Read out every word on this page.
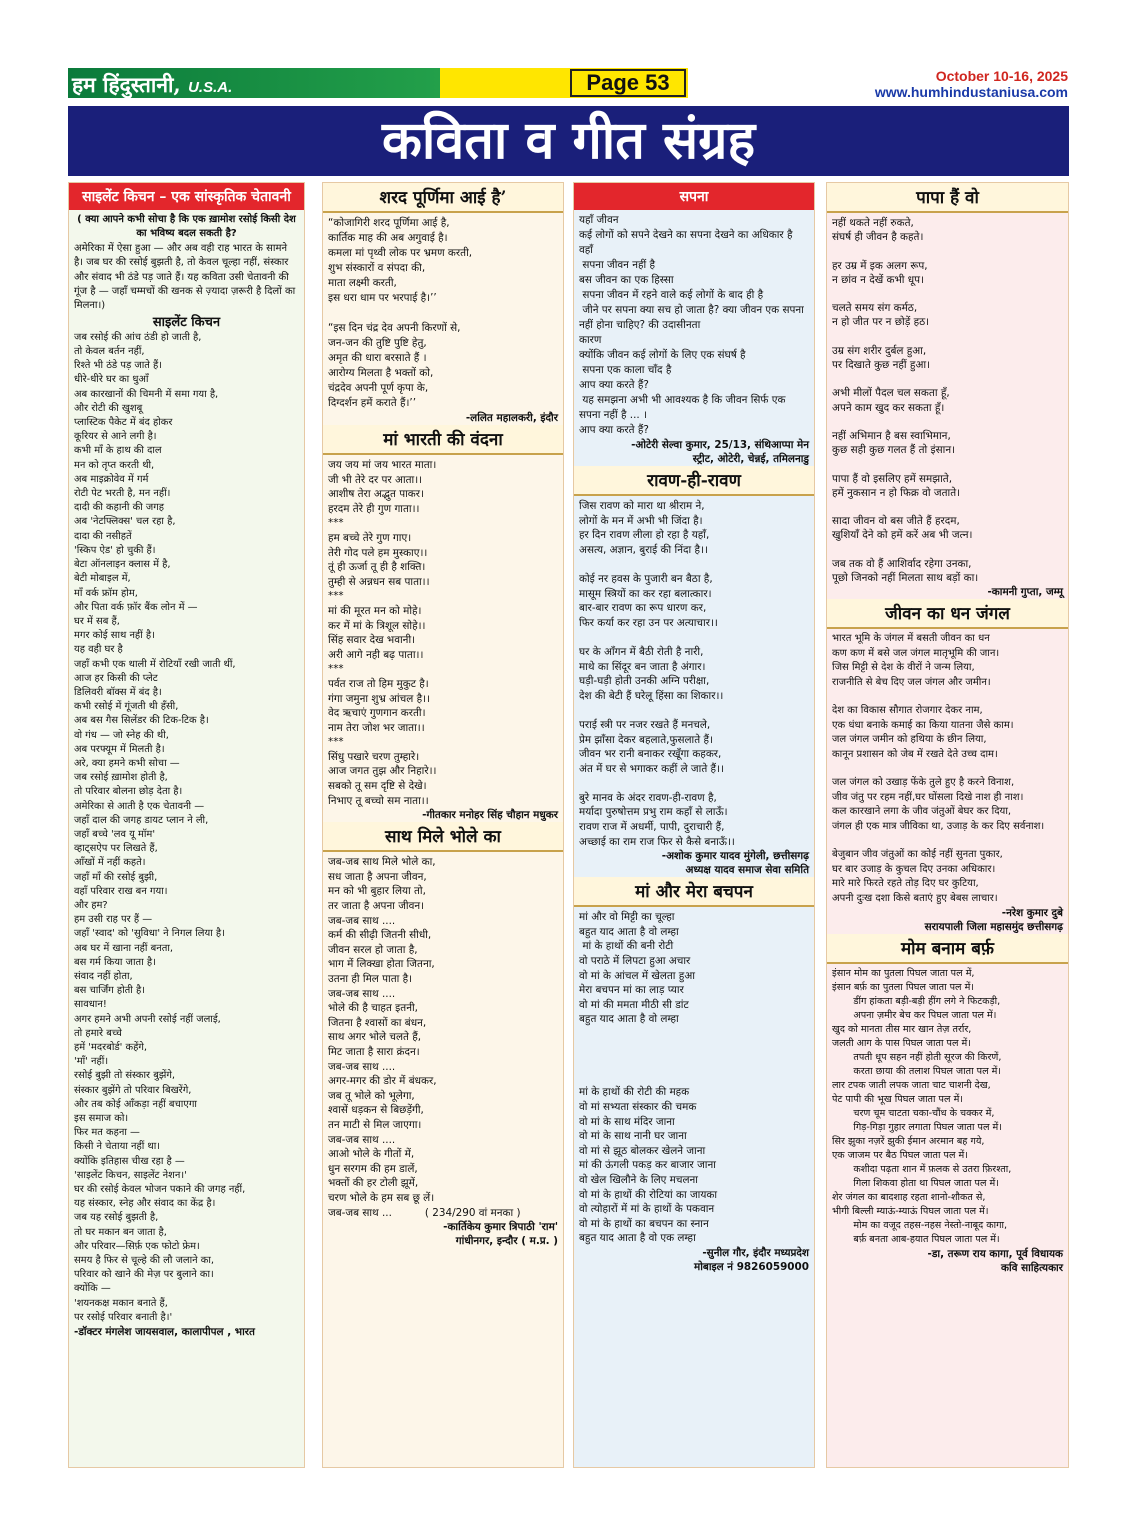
हम हिंदुस्तानी, U.S.A.	Page 53	October 10-16, 2025
www.humhindustaniusa.com
कविता व गीत संग्रह
साइलेंट किचन – एक सांस्कृतिक चेतावनी
( क्या आपने कभी सोचा है कि एक ख़ामोश रसोई किसी देश का भविष्य बदल सकती है?
अमेरिका में ऐसा हुआ — और अब वही राह भारत के सामने है। जब घर की रसोई बुझती है, तो केवल चूल्हा नहीं, संस्कार और संवाद भी ठंडे पड़ जाते हैं। यह कविता उसी चेतावनी की गूंज है — जहाँ चम्मचों की खनक से ज़्यादा ज़रूरी है दिलों का मिलना।)
साइलेंट किचन
जब रसोई की आंच ठंडी हो जाती है,
तो केवल बर्तन नहीं,
रिश्ते भी ठंडे पड़ जाते हैं।
धीरे-धीरे घर का धुआँ
अब कारखानों की चिमनी में समा गया है,
और रोटी की खुशबू
प्लास्टिक पैकेट में बंद होकर
कूरियर से आने लगी है।
कभी माँ के हाथ की दाल
मन को तृप्त करती थी,
अब माइक्रोवेव में गर्म
रोटी पेट भरती है, मन नहीं।
दादी की कहानी की जगह
अब 'नेटफ्लिक्स' चल रहा है,
दादा की नसीहतें
'स्किप ऐड' हो चुकी हैं।
बेटा ऑनलाइन क्लास में है,
बेटी मोबाइल में,
माँ वर्क फ्रॉम होम,
और पिता वर्क फ़ॉर बैंक लोन में —
घर में सब हैं,
मगर कोई साथ नहीं है।
यह वही घर है
जहाँ कभी एक थाली में रोटियाँ रखी जाती थीं,
आज हर किसी की प्लेट
डिलिवरी बॉक्स में बंद है।
कभी रसोई में गूंजती थी हँसी,
अब बस गैस सिलेंडर की टिक-टिक है।
वो गंध — जो स्नेह की थी,
अब परफ्यूम में मिलती है।
अरे, क्या हमने कभी सोचा —
जब रसोई ख़ामोश होती है,
तो परिवार बोलना छोड़ देता है।
अमेरिका से आती है एक चेतावनी —
जहाँ दाल की जगह डायट प्लान ने ली,
जहाँ बच्चे 'लव यू मॉम'
व्हाट्सऐप पर लिखते हैं,
आँखों में नहीं कहते।
जहाँ माँ की रसोई बुझी,
वहाँ परिवार राख बन गया।
और हम?
हम उसी राह पर हैं —
जहाँ 'स्वाद' को 'सुविधा' ने निगल लिया है।
अब घर में खाना नहीं बनता,
बस गर्म किया जाता है।
संवाद नहीं होता,
बस चार्जिंग होती है।
सावधान!
अगर हमने अभी अपनी रसोई नहीं जलाई,
तो हमारे बच्चे
हमें 'मदरबोर्ड' कहेंगे,
'माँ' नहीं।
रसोई बुझी तो संस्कार बुझेंगे,
संस्कार बुझेंगे तो परिवार बिखरेंगे,
और तब कोई आँकड़ा नहीं बचाएगा
इस समाज को।
फिर मत कहना —
किसी ने चेताया नहीं था।
क्योंकि इतिहास चीख रहा है —
'साइलेंट किचन, साइलेंट नेशन।'
घर की रसोई केवल भोजन पकाने की जगह नहीं,
यह संस्कार, स्नेह और संवाद का केंद्र है।
जब यह रसोई बुझती है,
तो घर मकान बन जाता है,
और परिवार—सिर्फ़ एक फोटो फ्रेम।
समय है फिर से चूल्हे की लौ जलाने का,
परिवार को खाने की मेज़ पर बुलाने का।
क्योंकि —
'शयनकक्ष मकान बनाते हैं,
पर रसोई परिवार बनाती है।'
-डॉक्टर मंगलेश जायसवाल, कालापीपल , भारत
शरद पूर्णिमा आई है’
“कोजागिरी शरद पूर्णिमा आई है,
कार्तिक माह की अब अगुवाई है।
कमला मां पृथ्वी लोक पर भ्रमण करती,
शुभ संस्कारों व संपदा की,
माता लक्ष्मी करती,
इस धरा धाम पर भरपाई है।’’

“इस दिन चंद्र देव अपनी किरणों से,
जन-जन की तुष्टि पुष्टि हेतु,
अमृत की धारा बरसाते हैं ।
आरोग्य मिलता है भक्तों को,
चंद्रदेव अपनी पूर्ण कृपा के,
दिग्दर्शन हमें कराते हैं।’’
-ललित महालकरी, इंदौर
मां भारती की वंदना
जय जय मां जय भारत माता।
जी भी तेरे दर पर आता।।
आशीष तेरा अद्भुत पाकर।
हरदम तेरे ही गुण गाता।।
***
हम बच्चे तेरे गुण गाए।
तेरी गोद पले हम मुस्काए।।
तूं ही ऊर्जा तू ही है शक्ति।
तुम्ही से अन्नधन सब पाता।।
***
मां की मूरत मन को मोहे।
कर में मां के त्रिशूल सोहे।।
सिंह सवार देख भवानी।
अरी आगे नही बढ़ पाता।।
***
पर्वत राज तो हिम मुकुट है।
गंगा जमुना शुभ्र आंचल है।।
वेद ऋचाएं गुणगान करती।
नाम तेरा जोश भर जाता।।
***
सिंधु पखारे चरण तुम्हारे।
आज जगत तुझ और निहारे।।
सबको तू सम दृष्टि से देखे।
निभाए तू बच्चो सम नाता।।
-गीतकार मनोहर सिंह चौहान मधुकर
साथ मिले भोले का
जब-जब साथ मिले भोले का,
सध जाता है अपना जीवन,
मन को भी बुहार लिया तो,
तर जाता है अपना जीवन।
जब-जब साथ ....
कर्म की सीढ़ी जितनी सीधी,
जीवन सरल हो जाता है,
भाग में लिक्खा होता जितना,
उतना ही मिल पाता है।
जब-जब साथ ....
भोले की है चाहत इतनी,
जितना है श्वासों का बंधन,
साथ अगर भोले चलते हैं,
मिट जाता है सारा क्रंदन।
जब-जब साथ ....
अगर-मगर की डोर में बंधकर,
जब तू भोले को भूलेगा,
श्वासें धड़कन से बिछड़ेंगी,
तन माटी से मिल जाएगा।
जब-जब साथ ....
आओ भोले के गीतों में,
धुन सरगम की हम डालें,
भक्तों की हर टोली झूमें,
चरण भोले के हम सब छू लें।
जब-जब साथ ...          ( 234/290 वां मनका )
-कार्तिकेय कुमार त्रिपाठी 'राम'
गांधीनगर, इन्दौर ( म.प्र. )
सपना
यहाँ जीवन
कई लोगों को सपने देखने का सपना देखने का अधिकार है
वहाँ
सपना जीवन नहीं है
बस जीवन का एक हिस्सा
सपना जीवन में रहने वाले कई लोगों के बाद ही है
जीने पर सपना क्या सच हो जाता है? क्या जीवन एक सपना नहीं होना चाहिए? की उदासीनता
कारण
क्योंकि जीवन कई लोगों के लिए एक संघर्ष है
सपना एक काला चाँद है
आप क्या करते हैं?
यह समझना अभी भी आवश्यक है कि जीवन सिर्फ एक सपना नहीं है ... ।
आप क्या करते हैं?
-ओटेरी सेल्वा कुमार, 25/13, संथिआप्पा मेन
स्ट्रीट, ओटेरी, चेन्नई, तमिलनाडु
रावण-ही-रावण
जिस रावण को मारा था श्रीराम ने,
लोगों के मन में अभी भी जिंदा है।
हर दिन रावण लीला हो रहा है यहाँ,
असत्य, अज्ञान, बुराई की निंदा है।।

कोई नर हवस के पुजारी बन बैठा है,
मासूम स्त्रियों का कर रहा बलात्कार।
बार-बार रावण का रूप धारण कर,
फिर कर्या कर रहा उन पर अत्याचार।।

घर के आँगन में बैठी रोती है नारी,
माथे का सिंदूर बन जाता है अंगार।
घड़ी-घड़ी होती उनकी अग्नि परीक्षा,
देश की बेटी हैं घरेलू हिंसा का शिकार।।

पराई स्त्री पर नजर रखते हैं मनचले,
प्रेम झाँसा देकर बहलाते,फुसलाते हैं।
जीवन भर रानी बनाकर रखूँगा कहकर,
अंत में घर से भगाकर कहीं ले जाते हैं।।

बुरे मानव के अंदर रावण-ही-रावण है,
मर्यादा पुरुषोत्तम प्रभु राम कहाँ से लाऊँ।
रावण राज में अधर्मी, पापी, दुराचारी हैं,
अच्छाई का राम राज फिर से कैसे बनाऊँ।।
-अशोक कुमार यादव मुंगेली, छत्तीसगढ़
अध्यक्ष यादव समाज सेवा समिति
मां और मेरा बचपन
मां और वो मिट्टी का चूल्हा
बहुत याद आता है वो लम्हा
मां के हाथों की बनी रोटी
वो पराठे में लिपटा हुआ अचार
वो मां के आंचल में खेलता हुआ
मेरा बचपन मां का लाड़ प्यार
वो मां की ममता मीठी सी डांट
बहुत याद आता है वो लम्हा

मां के हाथों की रोटी की महक
वो मां सभ्यता संस्कार की चमक
वो मां के साथ मंदिर जाना
वो मां के साथ नानी घर जाना
वो मां से झूठ बोलकर खेलने जाना
मां की ऊंगली पकड़ कर बाजार जाना
वो खेल खिलौने के लिए मचलना
वो मां के हाथों की रोटियां का जायका
वो त्योहारों में मां के हाथों के पकवान
वो मां के हाथों का बचपन का स्नान
बहुत याद आता है वो एक लम्हा
-सुनील गौर, इंदौर मध्यप्रदेश
मोबाइल नं 9826059000
पापा हैं वो
नहीं थकते नहीं रुकते,
संघर्ष ही जीवन है कहते।

हर उम्र में इक अलग रूप,
न छांव न देखें कभी धूप।

चलते समय संग कर्मठ,
न हो जीत पर न छोड़ें हठ।

उम्र संग शरीर दुर्बल हुआ,
पर दिखाते कुछ नहीं हुआ।

अभी मीलों पैदल चल सकता हूँ,
अपने काम खुद कर सकता हूँ।

नहीं अभिमान है बस स्वाभिमान,
कुछ सही कुछ गलत हैं तो इंसान।

पापा हैं वो इसलिए हमें समझाते,
हमें नुकसान न हो फिक्र वो जताते।

सादा जीवन वो बस जीते हैं हरदम,
खुशियाँ देने को हमें करें अब भी जत्न।

जब तक वो हैं आशिर्वाद रहेगा उनका,
पूछो जिनको नहीं मिलता साथ बड़ों का।
-कामनी गुप्ता, जम्मू
जीवन का धन जंगल
भारत भूमि के जंगल में बसती जीवन का धन
कण कण में बसे जल जंगल मातृभूमि की जान।
जिस मिट्टी से देश के वीरों ने जन्म लिया,
राजनीति से बेच दिए जल जंगल और जमीन।

देश का विकास सौगात रोजगार देकर नाम,
एक धंधा बनाके कमाई का किया यातना जैसे काम।
जल जंगल जमीन को हथिया के छीन लिया,
कानून प्रशासन को जेब में रखते देते उच्च दाम।

जल जंगल को उखाड़ फेंके तुले हुए है करने विनाश,
जीव जंतु पर रहम नहीं,घर घोंसला दिखे नाश ही नाश।
कल कारखाने लगा के जीव जंतुओं बेघर कर दिया,
जंगल ही एक मात्र जीविका था, उजाड़ के कर दिए सर्वनाश।

बेजुबान जीव जंतुओं का कोई नहीं सुनता पुकार,
घर बार उजाड़ के कुचल दिए उनका अधिकार।
मारे मारे फिरते रहते तोड़ दिए घर कुटिया,
अपनी दुःख दशा किसे बताएं हुए बेबस लाचार।
-नरेश कुमार दुबे
सरायपाली जिला महासमुंद छत्तीसगढ़
मोम बनाम बर्फ़
इंसान मोम का पुतला पिघल जाता पल में,
इंसान बर्फ़ का पुतला पिघल जाता पल में।
डींग हांकता बड़ी-बड़ी हींग लगे ने फिटकड़ी,
अपना ज़मीर बेच कर पिघल जाता पल में।
खुद को मानता तीस मार खान तेज़ तर्रार,
जलती आग के पास पिघल जाता पल में।
तपती धूप सहन नहीं होती सूरज की किरणें,
करता छाया की तलाश पिघल जाता पल में।
लार टपक जाती लपक जाता चाट चाशनी देख,
पेट पापी की भूख पिघल जाता पल में।
चरण चूम चाटता चका-चौंध के चक्कर में,
गिड़-गिड़ा गुहार लगाता पिघल जाता पल में।
सिर झुका नज़रें झुकी ईमान अरमान बह गये,
एक जाजम पर बैठ पिघल जाता पल में।
कशीदा पढ़ता शान में फ़लक से उतरा फ़िरश्ता,
गिला शिकवा होता था पिघल जाता पल में।
शेर जंगल का बादशाह रहता शानो-शौकत से,
भीगी बिल्ली म्याऊं-म्याऊं पिघल जाता पल में।
मोम का वजूद तहस-नहस नेस्तो-नाबूद कागा,
बर्फ़ बनता आब-हयात पिघल जाता पल में।
-डा, तरूण राय कागा, पूर्व विधायक
कवि साहित्यकार
